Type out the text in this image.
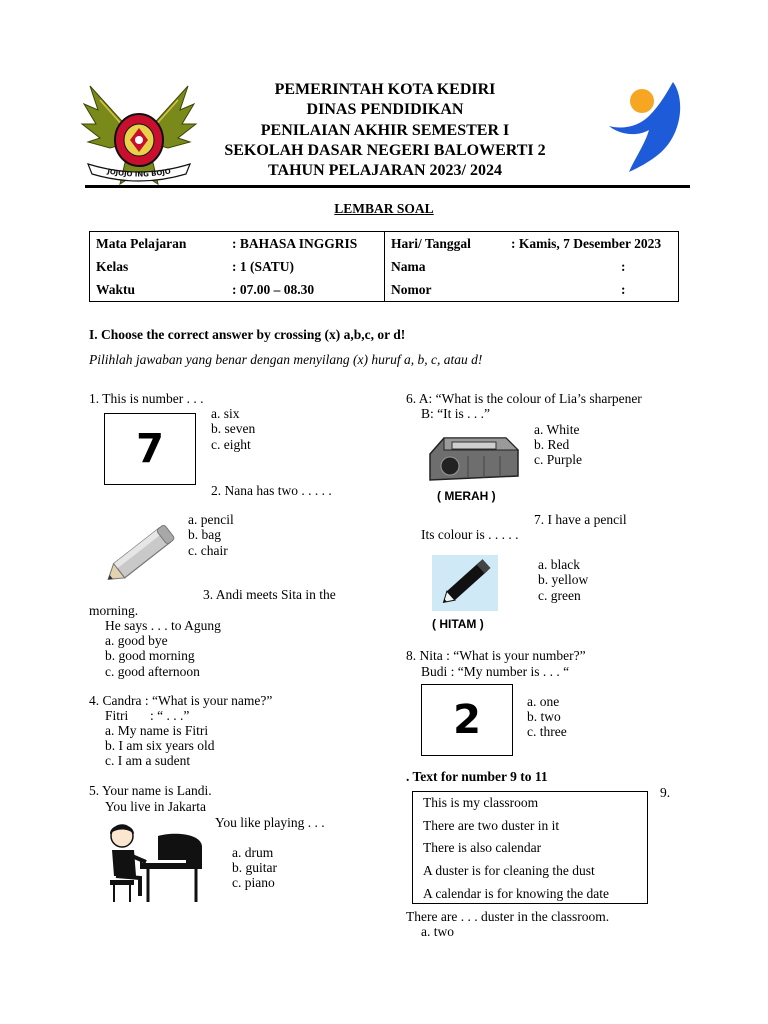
JOJOJO ING BOJO
PEMERINTAH KOTA KEDIRI
DINAS PENDIDIKAN
PENILAIAN AKHIR SEMESTER I
SEKOLAH DASAR NEGERI BALOWERTI 2
TAHUN PELAJARAN 2023/ 2024
LEMBAR SOAL
Mata Pelajaran	: BAHASA INGGRIS	Hari/ Tanggal	: Kamis, 7 Desember 2023
Kelas	: 1 (SATU)	Nama	:
Waktu	: 07.00 – 08.30	Nomor	:
I. Choose the correct answer by crossing (x) a,b,c, or d!
Pilihlah jawaban yang benar dengan menyilang (x) huruf a, b, c, atau d!
1. This is number . . .
7
a. six
b. seven
c. eight
2. Nana has two . . . . .
a. pencil
b. bag
c. chair
3. Andi meets Sita in the
morning.
He says . . . to Agung
a. good bye
b. good morning
c. good afternoon
4. Candra : “What is your name?”
Fitri : “ . . .”
a. My name is Fitri
b. I am six years old
c. I am a sudent
5. Your name is Landi.
You live in Jakarta
You like playing . . .
a. drum
b. guitar
c. piano
6. A: “What is the colour of Lia’s sharpener
B: “It is . . .”
( MERAH )
a. White
b. Red
c. Purple
7. I have a pencil
Its colour is . . . . .
( HITAM )
a. black
b. yellow
c. green
8. Nita : “What is your number?”
Budi : “My number is . . . “
2	a. one
b. two
c. three
. Text for number 9 to 11
9.
This is my classroom
There are two duster in it
There is also calendar
A duster is for cleaning the dust
A calendar is for knowing the date
There are . . . duster in the classroom.
a. two
